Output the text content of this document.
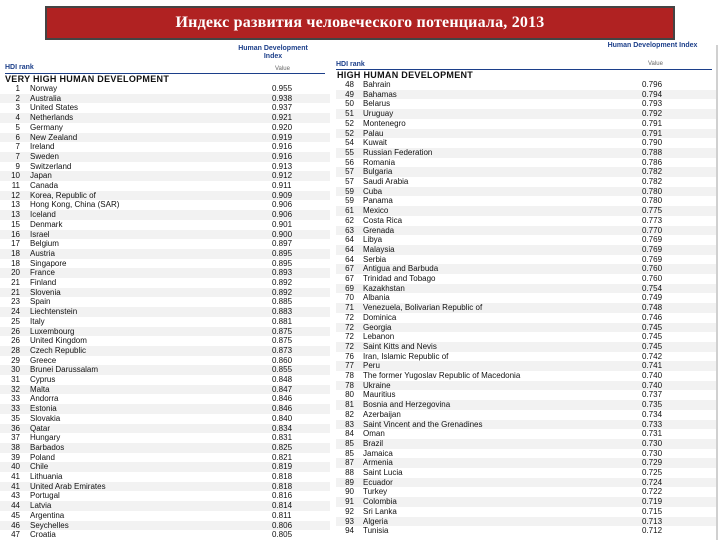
Индекс развития человеческого потенциала, 2013
Human Development Index
Value
HDI rank
VERY HIGH HUMAN DEVELOPMENT
1 Norway	0.955
2 Australia	0.938
3 United States	0.937
4 Netherlands	0.921
5 Germany	0.920
6 New Zealand	0.919
7 Ireland	0.916
7 Sweden	0.916
9 Switzerland	0.913
10 Japan	0.912
11 Canada	0.911
12 Korea, Republic of	0.909
13 Hong Kong, China (SAR)	0.906
13 Iceland	0.906
15 Denmark	0.901
16 Israel	0.900
17 Belgium	0.897
18 Austria	0.895
18 Singapore	0.895
20 France	0.893
21 Finland	0.892
21 Slovenia	0.892
23 Spain	0.885
24 Liechtenstein	0.883
25 Italy	0.881
26 Luxembourg	0.875
26 United Kingdom	0.875
28 Czech Republic	0.873
29 Greece	0.860
30 Brunei Darussalam	0.855
31 Cyprus	0.848
32 Malta	0.847
33 Andorra	0.846
33 Estonia	0.846
35 Slovakia	0.840
36 Qatar	0.834
37 Hungary	0.831
38 Barbados	0.825
39 Poland	0.821
40 Chile	0.819
41 Lithuania	0.818
41 United Arab Emirates	0.818
43 Portugal	0.816
44 Latvia	0.814
45 Argentina	0.811
46 Seychelles	0.806
47 Croatia	0.805
Human Development Index
Value
HDI rank
HIGH HUMAN DEVELOPMENT
48 Bahrain	0.796
49 Bahamas	0.794
50 Belarus	0.793
51 Uruguay	0.792
52 Montenegro	0.791
52 Palau	0.791
54 Kuwait	0.790
55 Russian Federation	0.788
56 Romania	0.786
57 Bulgaria	0.782
57 Saudi Arabia	0.782
59 Cuba	0.780
59 Panama	0.780
61 Mexico	0.775
62 Costa Rica	0.773
63 Grenada	0.770
64 Libya	0.769
64 Malaysia	0.769
64 Serbia	0.769
67 Antigua and Barbuda	0.760
67 Trinidad and Tobago	0.760
69 Kazakhstan	0.754
70 Albania	0.749
71 Venezuela, Bolivarian Republic of	0.748
72 Dominica	0.746
72 Georgia	0.745
72 Lebanon	0.745
72 Saint Kitts and Nevis	0.745
76 Iran, Islamic Republic of	0.742
77 Peru	0.741
78 The former Yugoslav Republic of Macedonia	0.740
78 Ukraine	0.740
80 Mauritius	0.737
81 Bosnia and Herzegovina	0.735
82 Azerbaijan	0.734
83 Saint Vincent and the Grenadines	0.733
84 Oman	0.731
85 Brazil	0.730
85 Jamaica	0.730
87 Armenia	0.729
88 Saint Lucia	0.725
89 Ecuador	0.724
90 Turkey	0.722
91 Colombia	0.719
92 Sri Lanka	0.715
93 Algeria	0.713
94 Tunisia	0.712
